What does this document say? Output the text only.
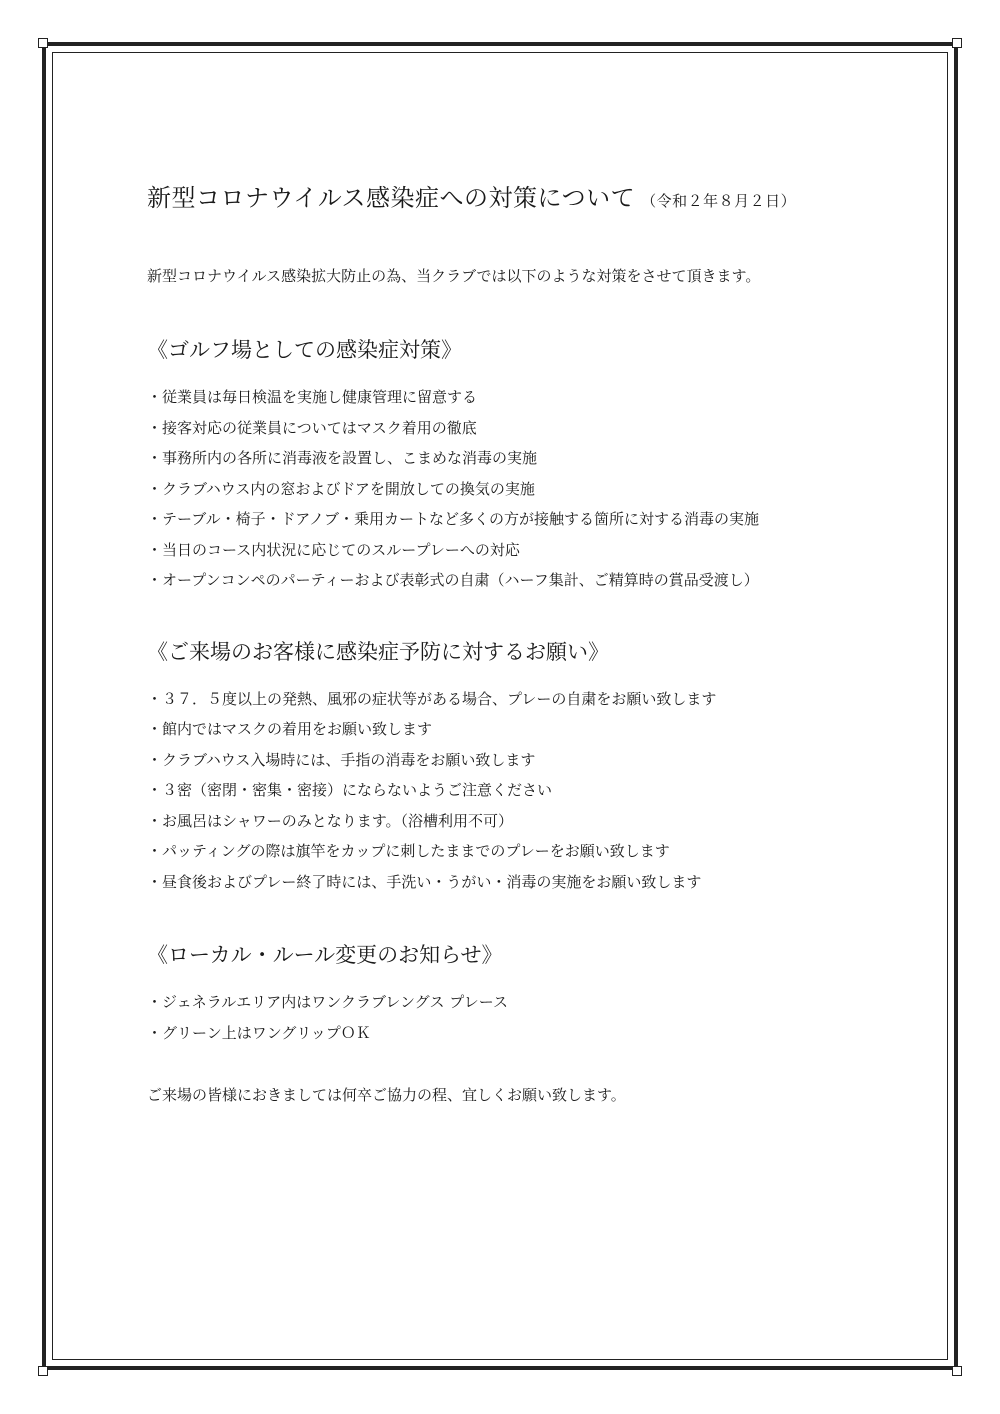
新型コロナウイルス感染症への対策について （令和２年８月２日）
新型コロナウイルス感染拡大防止の為、当クラブでは以下のような対策をさせて頂きます。
《ゴルフ場としての感染症対策》
・従業員は毎日検温を実施し健康管理に留意する
・接客対応の従業員についてはマスク着用の徹底
・事務所内の各所に消毒液を設置し、こまめな消毒の実施
・クラブハウス内の窓およびドアを開放しての換気の実施
・テーブル・椅子・ドアノブ・乗用カートなど多くの方が接触する箇所に対する消毒の実施
・当日のコース内状況に応じてのスループレーへの対応
・オープンコンペのパーティーおよび表彰式の自粛（ハーフ集計、ご精算時の賞品受渡し）
《ご来場のお客様に感染症予防に対するお願い》
・３７．５度以上の発熱、風邪の症状等がある場合、プレーの自粛をお願い致します
・館内ではマスクの着用をお願い致します
・クラブハウス入場時には、手指の消毒をお願い致します
・３密（密閉・密集・密接）にならないようご注意ください
・お風呂はシャワーのみとなります。（浴槽利用不可）
・パッティングの際は旗竿をカップに刺したままでのプレーをお願い致します
・昼食後およびプレー終了時には、手洗い・うがい・消毒の実施をお願い致します
《ローカル・ルール変更のお知らせ》
・ジェネラルエリア内はワンクラブレングス プレース
・グリーン上はワングリップＯＫ
ご来場の皆様におきましては何卒ご協力の程、宜しくお願い致します。
